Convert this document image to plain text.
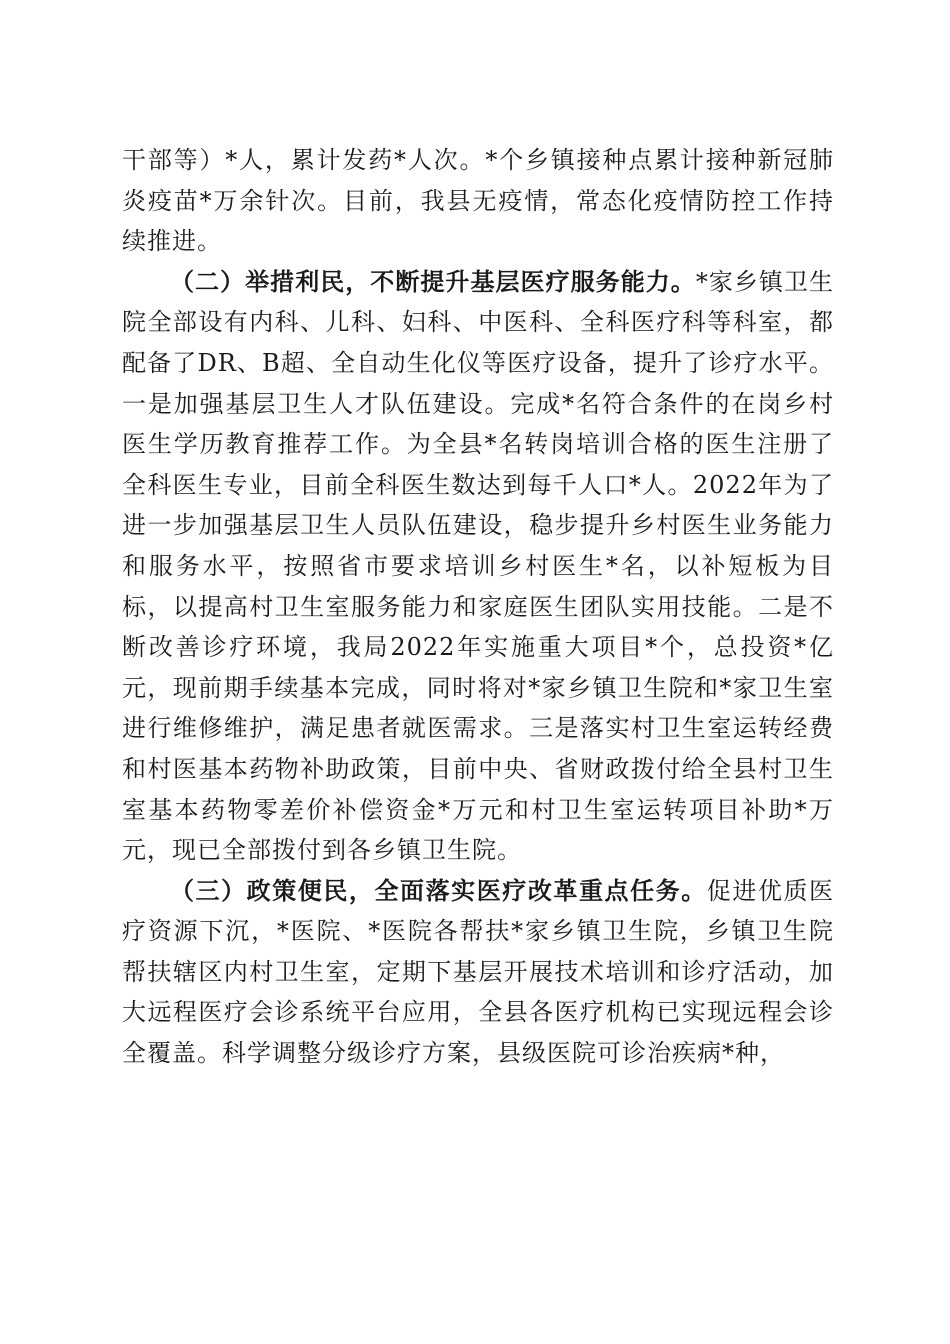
干部等）*人，累计发药*人次。*个乡镇接种点累计接种新冠肺炎疫苗*万余针次。目前，我县无疫情，常态化疫情防控工作持续推进。

（二）举措利民，不断提升基层医疗服务能力。*家乡镇卫生院全部设有内科、儿科、妇科、中医科、全科医疗科等科室，都配备了DR、B超、全自动生化仪等医疗设备，提升了诊疗水平。一是加强基层卫生人才队伍建设。完成*名符合条件的在岗乡村医生学历教育推荐工作。为全县*名转岗培训合格的医生注册了全科医生专业，目前全科医生数达到每千人口*人。2022年为了进一步加强基层卫生人员队伍建设，稳步提升乡村医生业务能力和服务水平，按照省市要求培训乡村医生*名，以补短板为目标，以提高村卫生室服务能力和家庭医生团队实用技能。二是不断改善诊疗环境，我局2022年实施重大项目*个，总投资*亿元，现前期手续基本完成，同时将对*家乡镇卫生院和*家卫生室进行维修维护，满足患者就医需求。三是落实村卫生室运转经费和村医基本药物补助政策，目前中央、省财政拨付给全县村卫生室基本药物零差价补偿资金*万元和村卫生室运转项目补助*万元，现已全部拨付到各乡镇卫生院。

（三）政策便民，全面落实医疗改革重点任务。促进优质医疗资源下沉，*医院、*医院各帮扶*家乡镇卫生院，乡镇卫生院帮扶辖区内村卫生室，定期下基层开展技术培训和诊疗活动，加大远程医疗会诊系统平台应用，全县各医疗机构已实现远程会诊全覆盖。科学调整分级诊疗方案，县级医院可诊治疾病*种，
